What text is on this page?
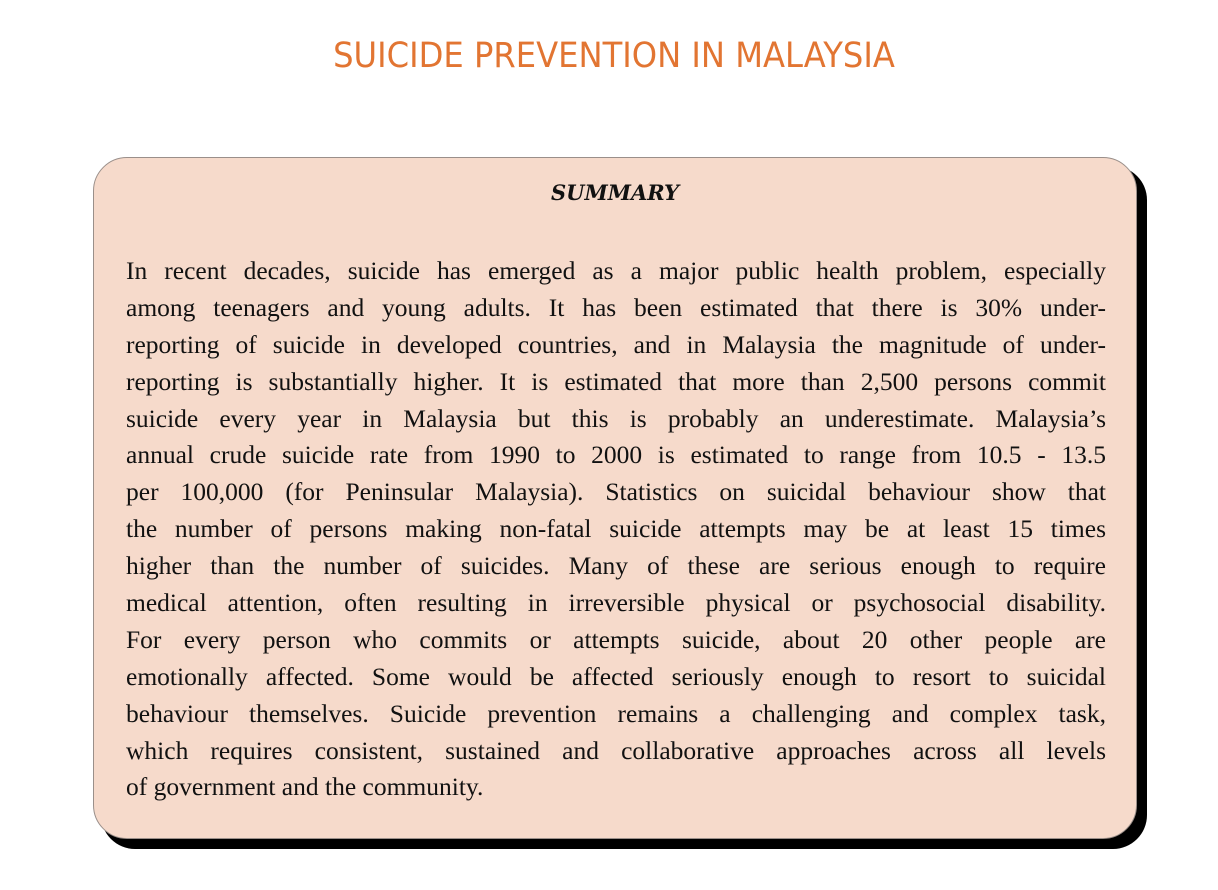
SUICIDE PREVENTION IN MALAYSIA
SUMMARY
In recent decades, suicide has emerged as a major public health problem, especially
among teenagers and young adults. It has been estimated that there is 30% under-
reporting of suicide in developed countries, and in Malaysia the magnitude of under-
reporting is substantially higher. It is estimated that more than 2,500 persons commit
suicide every year in Malaysia but this is probably an underestimate. Malaysia’s
annual crude suicide rate from 1990 to 2000 is estimated to range from 10.5 - 13.5
per 100,000 (for Peninsular Malaysia). Statistics on suicidal behaviour show that
the number of persons making non-fatal suicide attempts may be at least 15 times
higher than the number of suicides. Many of these are serious enough to require
medical attention, often resulting in irreversible physical or psychosocial disability.
For every person who commits or attempts suicide, about 20 other people are
emotionally affected. Some would be affected seriously enough to resort to suicidal
behaviour themselves. Suicide prevention remains a challenging and complex task,
which requires consistent, sustained and collaborative approaches across all levels
of government and the community.
